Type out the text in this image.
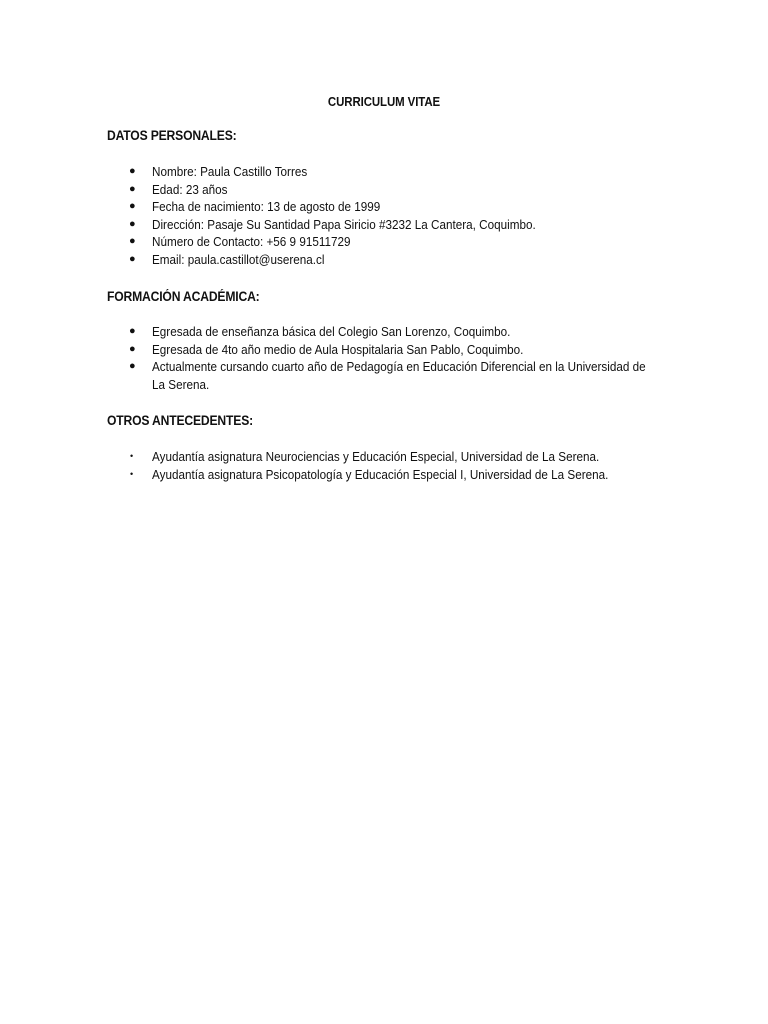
CURRICULUM VITAE
DATOS PERSONALES:
● Nombre: Paula Castillo Torres
● Edad: 23 años
● Fecha de nacimiento: 13 de agosto de 1999
● Dirección: Pasaje Su Santidad Papa Siricio #3232 La Cantera, Coquimbo.
● Número de Contacto: +56 9 91511729
● Email: paula.castillot@userena.cl
FORMACIÓN ACADÉMICA:
● Egresada de enseñanza básica del Colegio San Lorenzo, Coquimbo.
● Egresada de 4to año medio de Aula Hospitalaria San Pablo, Coquimbo.
● Actualmente cursando cuarto año de Pedagogía en Educación Diferencial en la Universidad de La Serena.
OTROS ANTECEDENTES:
• Ayudantía asignatura Neurociencias y Educación Especial, Universidad de La Serena.
• Ayudantía asignatura Psicopatología y Educación Especial I, Universidad de La Serena.
